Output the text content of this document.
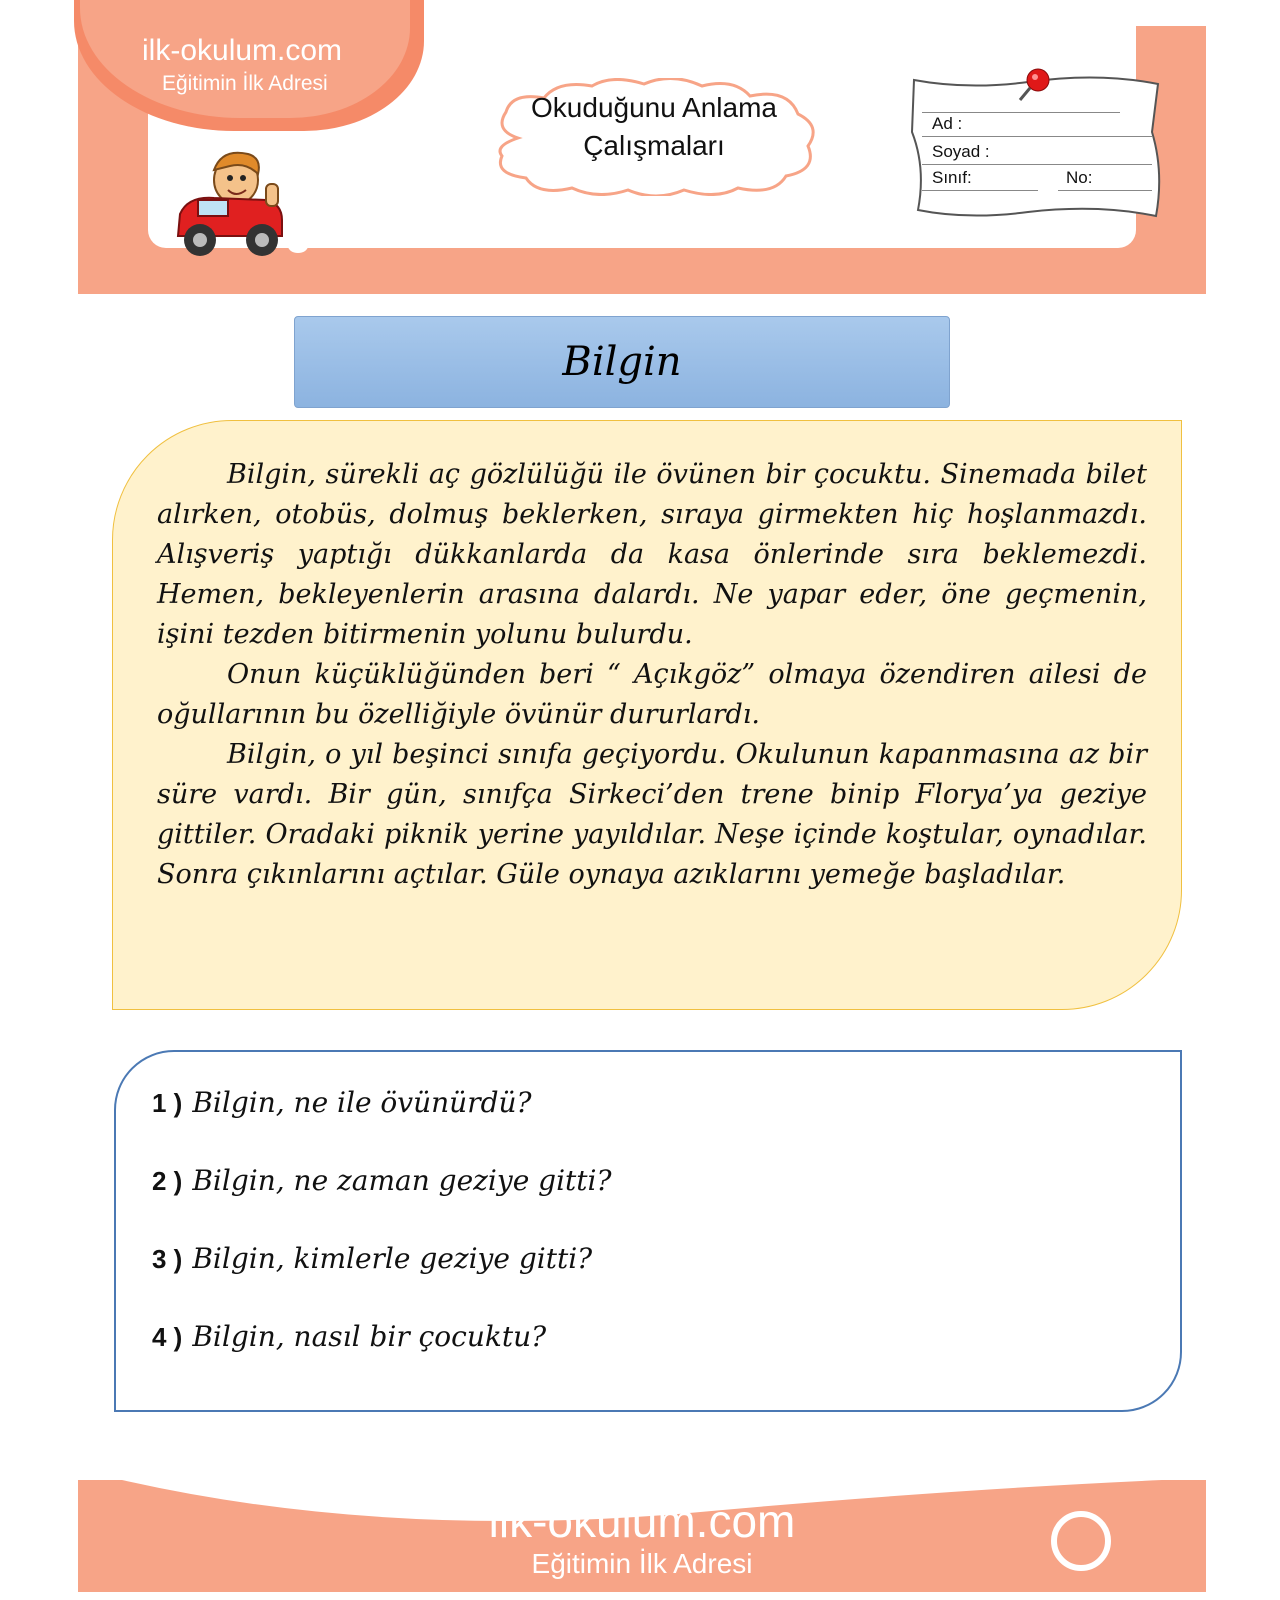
ilk-okulum.com
Eğitimin İlk Adresi
Ad :
Soyad :
Sınıf:	No:
Okuduğunu Anlama
Çalışmaları
Bilgin

Bilgin, sürekli aç gözlülüğü ile övünen bir çocuktu. Sinemada bilet alırken, otobüs, dolmuş beklerken, sıraya girmekten hiç hoşlanmazdı. Alışveriş yaptığı dükkanlarda da kasa önlerinde sıra beklemezdi. Hemen, bekleyenlerin arasına dalardı. Ne yapar eder, öne geçmenin, işini tezden bitirmenin yolunu bulurdu.

Onun küçüklüğünden beri “ Açıkgöz” olmaya özendiren ailesi de oğullarının bu özelliğiyle övünür dururlardı.

Bilgin, o yıl beşinci sınıfa geçiyordu. Okulunun kapanmasına az bir süre vardı. Bir gün, sınıfça Sirkeci’den trene binip Florya’ya geziye gittiler. Oradaki piknik yerine yayıldılar. Neşe içinde koştular, oynadılar. Sonra çıkınlarını açtılar. Güle oynaya azıklarını yemeğe başladılar.

1 ) Bilgin, ne ile övünürdü?
2 ) Bilgin, ne zaman geziye gitti?
3 ) Bilgin, kimlerle geziye gitti?
4 ) Bilgin, nasıl bir çocuktu?
ilk-okulum.com
Eğitimin İlk Adresi
